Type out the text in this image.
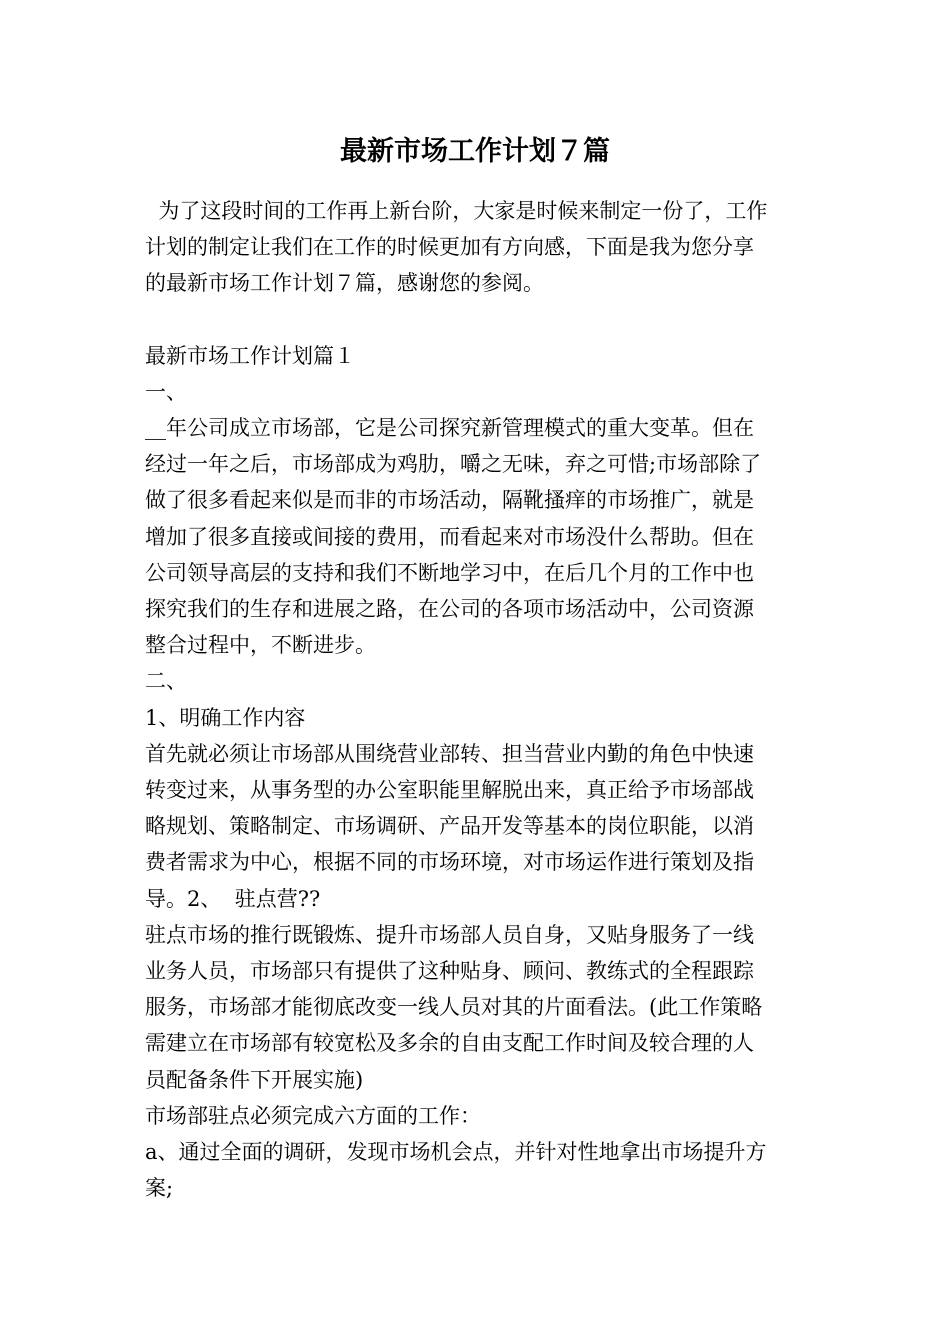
最新市场工作计划７篇

为了这段时间的工作再上新台阶，大家是时候来制定一份了，工作

计划的制定让我们在工作的时候更加有方向感，下面是我为您分享

的最新市场工作计划７篇，感谢您的参阅。

最新市场工作计划篇１

一、

__年公司成立市场部，它是公司探究新管理模式的重大变革。但在

经过一年之后，市场部成为鸡肋，嚼之无味，弃之可惜;市场部除了

做了很多看起来似是而非的市场活动，隔靴搔痒的市场推广，就是

增加了很多直接或间接的费用，而看起来对市场没什么帮助。但在

公司领导高层的支持和我们不断地学习中，在后几个月的工作中也

探究我们的生存和进展之路，在公司的各项市场活动中，公司资源

整合过程中，不断进步。

二、

1、明确工作内容

首先就必须让市场部从围绕营业部转、担当营业内勤的角色中快速

转变过来，从事务型的办公室职能里解脱出来，真正给予市场部战

略规划、策略制定、市场调研、产品开发等基本的岗位职能，以消

费者需求为中心，根据不同的市场环境，对市场运作进行策划及指

导。2、  驻点营??

驻点市场的推行既锻炼、提升市场部人员自身，又贴身服务了一线

业务人员，市场部只有提供了这种贴身、顾问、教练式的全程跟踪

服务，市场部才能彻底改变一线人员对其的片面看法。(此工作策略

需建立在市场部有较宽松及多余的自由支配工作时间及较合理的人

员配备条件下开展实施)

市场部驻点必须完成六方面的工作：

a、通过全面的调研，发现市场机会点，并针对性地拿出市场提升方

案;
